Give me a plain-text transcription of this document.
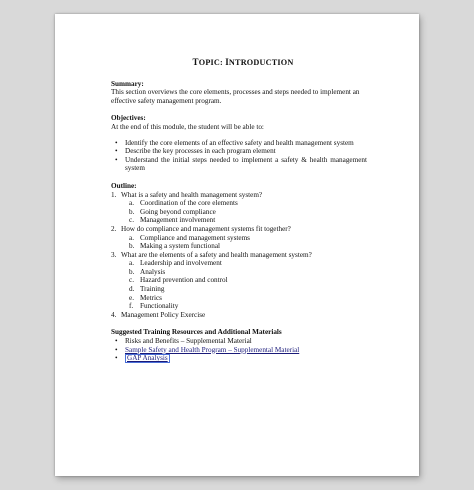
TOPIC: INTRODUCTION

Summary:

This section overviews the core elements, processes and steps needed to implement an effective safety management program.

Objectives:

At the end of this module, the student will be able to:

• Identify the core elements of an effective safety and health management system
• Describe the key processes in each program element
• Understand the initial steps needed to implement a safety & health management system

Outline:

1. What is a safety and health management system?
a. Coordination of the core elements
b. Going beyond compliance
c. Management involvement
2. How do compliance and management systems fit together?
a. Compliance and management systems
b. Making a system functional
3. What are the elements of a safety and health management system?
a. Leadership and involvement
b. Analysis
c. Hazard prevention and control
d. Training
e. Metrics
f. Functionality
4. Management Policy Exercise

Suggested Training Resources and Additional Materials

• Risks and Benefits – Supplemental Material
• Sample Safety and Health Program – Supplemental Material
• GAP Analysis
